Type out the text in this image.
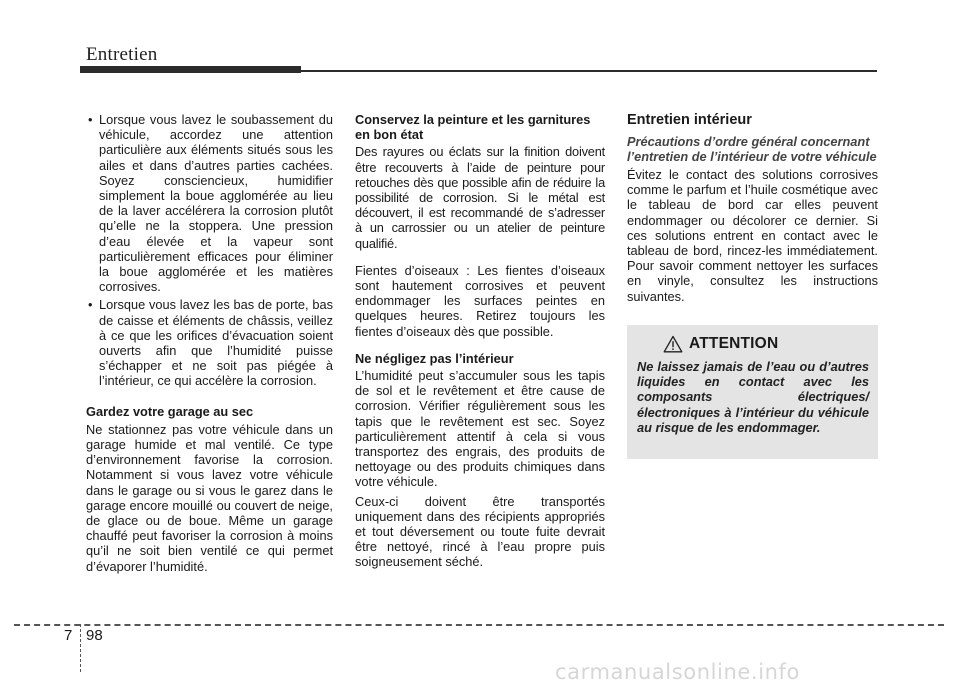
Entretien

• Lorsque vous lavez le soubassement du véhicule, accordez une attention particulière aux éléments situés sous les ailes et dans d’autres parties cachées. Soyez consciencieux, humidifier simplement la boue agglomérée au lieu de la laver accélérera la corrosion plutôt qu’elle ne la stoppera. Une pression d’eau élevée et la vapeur sont particulièrement efficaces pour éliminer la boue agglomérée et les matières corrosives.

• Lorsque vous lavez les bas de porte, bas de caisse et éléments de châssis, veillez à ce que les orifices d’évacuation soient ouverts afin que l’humidité puisse s’échapper et ne soit pas piégée à l’intérieur, ce qui accélère la corrosion.

Gardez votre garage au sec

Ne stationnez pas votre véhicule dans un garage humide et mal ventilé. Ce type d’environnement favorise la corrosion. Notamment si vous lavez votre véhicule dans le garage ou si vous le garez dans le garage encore mouillé ou couvert de neige, de glace ou de boue. Même un garage chauffé peut favoriser la corrosion à moins qu’il ne soit bien ventilé ce qui permet d’évaporer l’humidité.

Conservez la peinture et les garnitures en bon état

Des rayures ou éclats sur la finition doivent être recouverts à l’aide de peinture pour retouches dès que possible afin de réduire la possibilité de corrosion. Si le métal est découvert, il est recommandé de s’adresser à un carrossier ou un atelier de peinture qualifié.

Fientes d’oiseaux : Les fientes d’oiseaux sont hautement corrosives et peuvent endommager les surfaces peintes en quelques heures. Retirez toujours les fientes d’oiseaux dès que possible.

Ne négligez pas l’intérieur

L’humidité peut s’accumuler sous les tapis de sol et le revêtement et être cause de corrosion. Vérifier régulièrement sous les tapis que le revêtement est sec. Soyez particulièrement attentif à cela si vous transportez des engrais, des produits de nettoyage ou des produits chimiques dans votre véhicule.

Ceux-ci doivent être transportés uniquement dans des récipients appropriés et tout déversement ou toute fuite devrait être nettoyé, rincé à l’eau propre puis soigneusement séché.

Entretien intérieur

Précautions d’ordre général concernant l’entretien de l’intérieur de votre véhicule

Évitez le contact des solutions corrosives comme le parfum et l’huile cosmétique avec le tableau de bord car elles peuvent endommager ou décolorer ce dernier. Si ces solutions entrent en contact avec le tableau de bord, rincez-les immédiatement. Pour savoir comment nettoyer les surfaces en vinyle, consultez les instructions suivantes.

ATTENTION

Ne laissez jamais de l’eau ou d’autres liquides en contact avec les composants électriques/électroniques à l’intérieur du véhicule au risque de les endommager.

7 98
carmanualsonline.info
